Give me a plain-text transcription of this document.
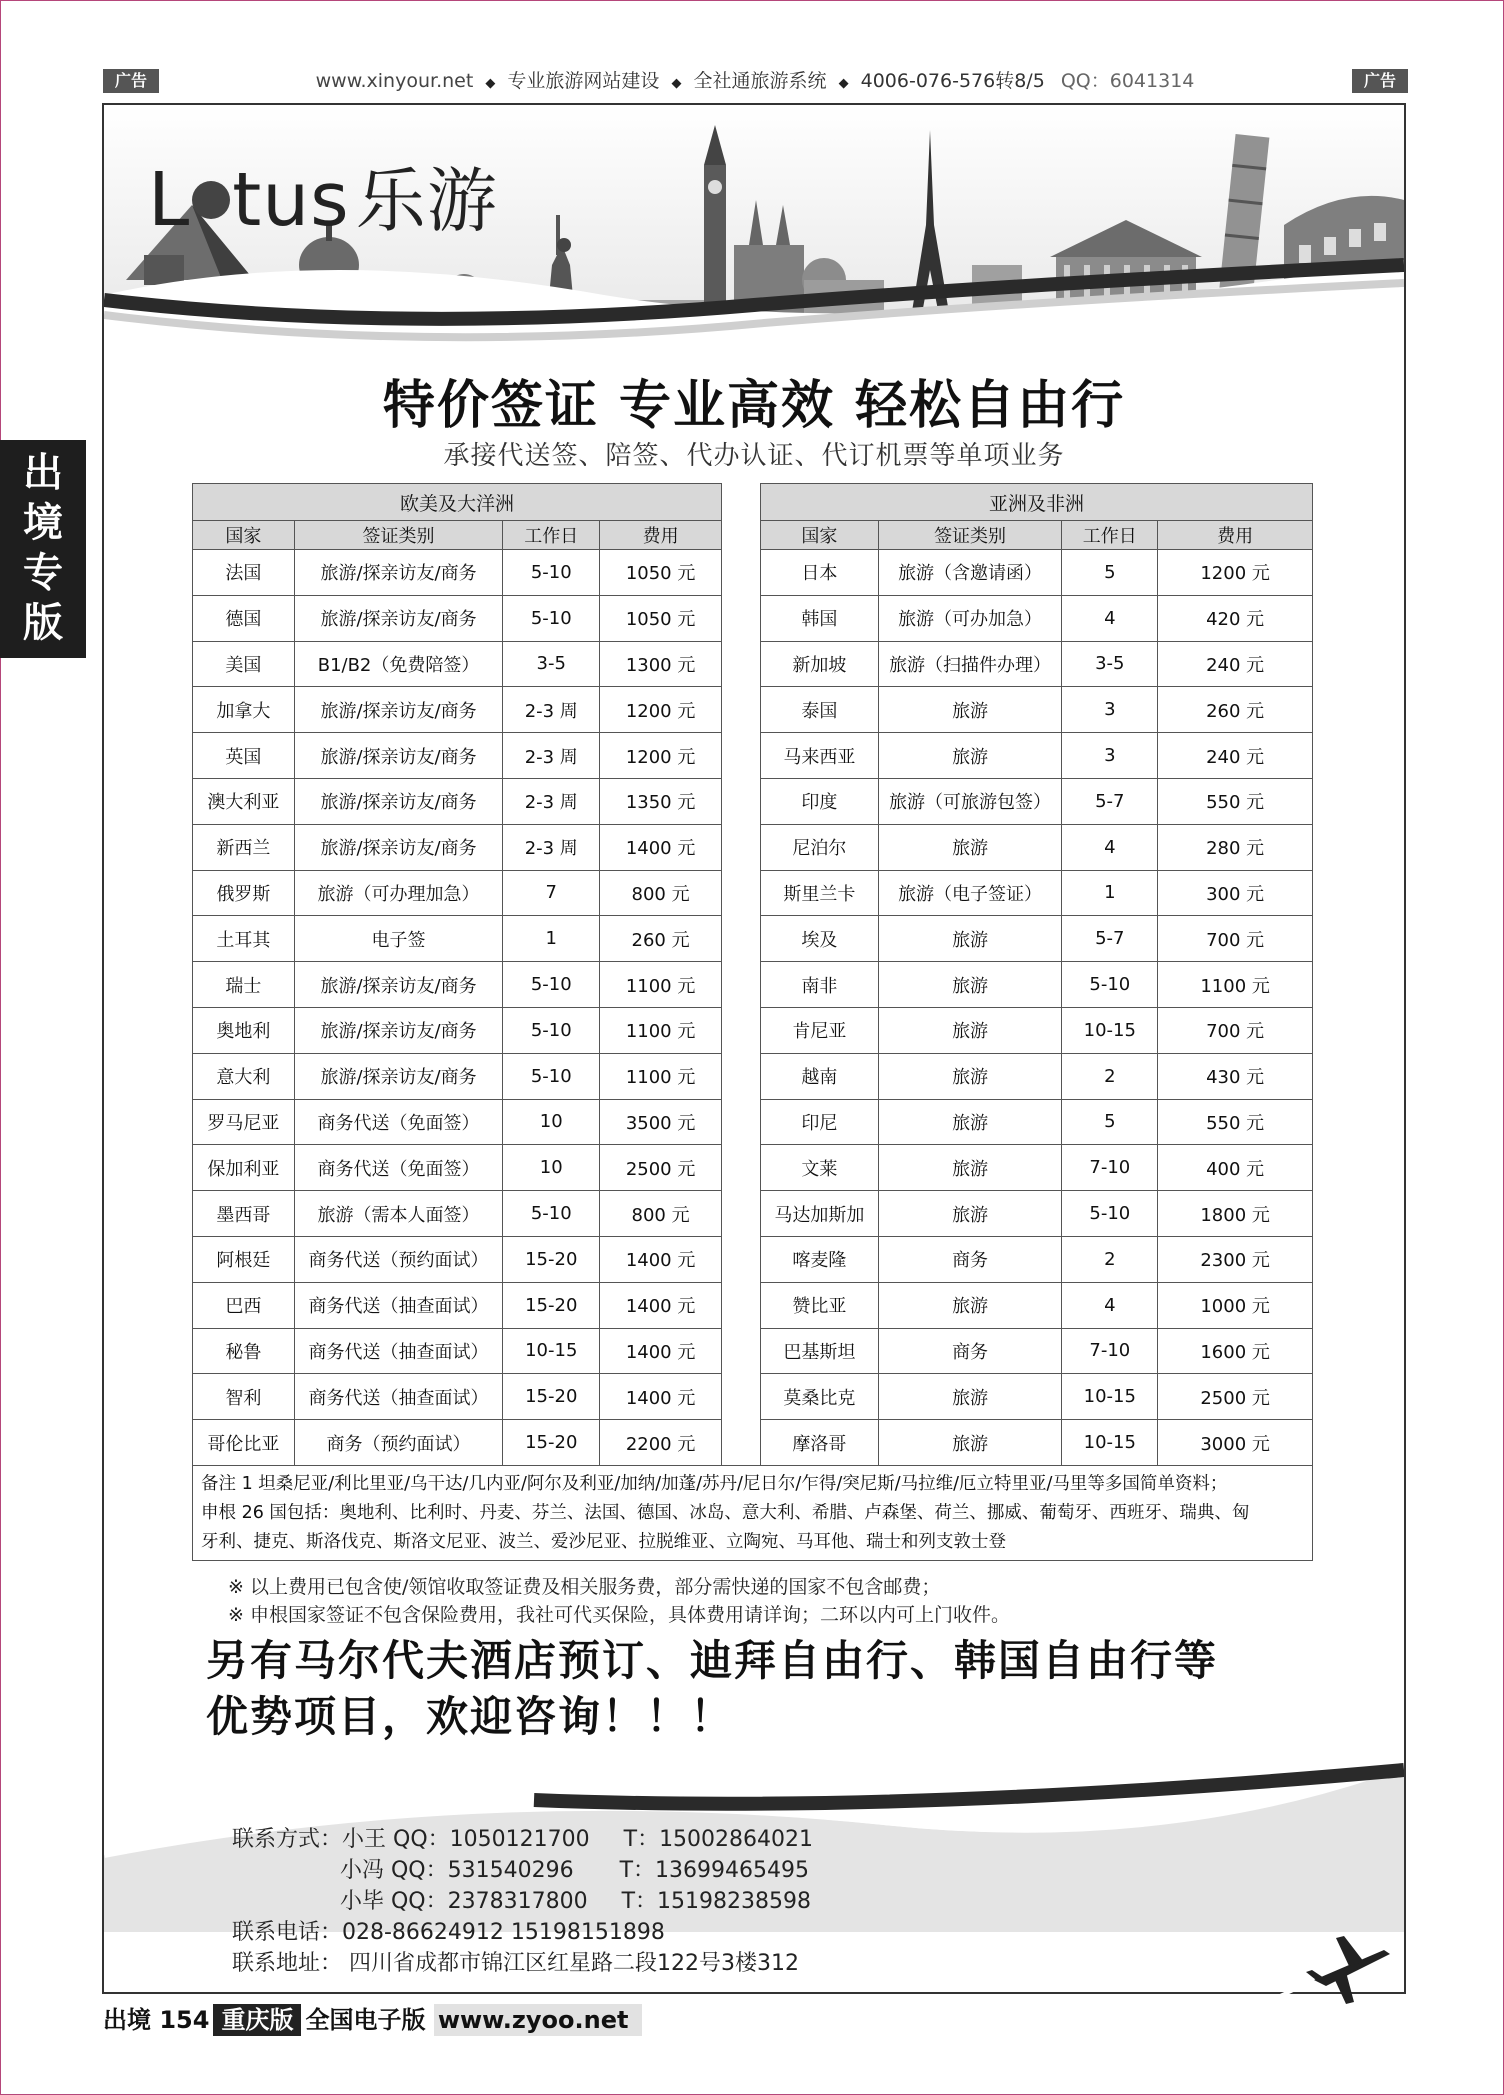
广告	广告
www.xinyour.net ◆ 专业旅游网站建设 ◆ 全社通旅游系统 ◆ 4006-076-576转8/5 QQ：6041314
出
境
专
版
L tus乐游
特价签证 专业高效 轻松自由行
承接代送签、陪签、代办认证、代订机票等单项业务
欧美及大洋洲			
国家	签证类别	工作日	费用
法国	旅游/探亲访友/商务	5-10	1050 元
德国	旅游/探亲访友/商务	5-10	1050 元
美国	B1/B2（免费陪签）	3-5	1300 元
加拿大	旅游/探亲访友/商务	2-3 周	1200 元
英国	旅游/探亲访友/商务	2-3 周	1200 元
澳大利亚	旅游/探亲访友/商务	2-3 周	1350 元
新西兰	旅游/探亲访友/商务	2-3 周	1400 元
俄罗斯	旅游（可办理加急）	7	800 元
土耳其	电子签	1	260 元
瑞士	旅游/探亲访友/商务	5-10	1100 元
奥地利	旅游/探亲访友/商务	5-10	1100 元
意大利	旅游/探亲访友/商务	5-10	1100 元
罗马尼亚	商务代送（免面签）	10	3500 元
保加利亚	商务代送（免面签）	10	2500 元
墨西哥	旅游（需本人面签）	5-10	800 元
阿根廷	商务代送（预约面试）	15-20	1400 元
巴西	商务代送（抽查面试）	15-20	1400 元
秘鲁	商务代送（抽查面试）	10-15	1400 元
智利	商务代送（抽查面试）	15-20	1400 元
哥伦比亚	商务（预约面试）	15-20	2200 元
亚洲及非洲			
国家	签证类别	工作日	费用
日本	旅游（含邀请函）	5	1200 元
韩国	旅游（可办加急）	4	420 元
新加坡	旅游（扫描件办理）	3-5	240 元
泰国	旅游	3	260 元
马来西亚	旅游	3	240 元
印度	旅游（可旅游包签）	5-7	550 元
尼泊尔	旅游	4	280 元
斯里兰卡	旅游（电子签证）	1	300 元
埃及	旅游	5-7	700 元
南非	旅游	5-10	1100 元
肯尼亚	旅游	10-15	700 元
越南	旅游	2	430 元
印尼	旅游	5	550 元
文莱	旅游	7-10	400 元
马达加斯加	旅游	5-10	1800 元
喀麦隆	商务	2	2300 元
赞比亚	旅游	4	1000 元
巴基斯坦	商务	7-10	1600 元
莫桑比克	旅游	10-15	2500 元
摩洛哥	旅游	10-15	3000 元
备注 1 坦桑尼亚/利比里亚/乌干达/几内亚/阿尔及利亚/加纳/加蓬/苏丹/尼日尔/乍得/突尼斯/马拉维/厄立特里亚/马里等多国简单资料；
申根 26 国包括：奥地利、比利时、丹麦、芬兰、法国、德国、冰岛、意大利、希腊、卢森堡、荷兰、挪威、葡萄牙、西班牙、瑞典、匈
牙利、捷克、斯洛伐克、斯洛文尼亚、波兰、爱沙尼亚、拉脱维亚、立陶宛、马耳他、瑞士和列支敦士登
※ 以上费用已包含使/领馆收取签证费及相关服务费，部分需快递的国家不包含邮费；
※ 申根国家签证不包含保险费用，我社可代买保险，具体费用请详询；二环以内可上门收件。
另有马尔代夫酒店预订、迪拜自由行、韩国自由行等
优势项目，欢迎咨询！！！
联系方式：小王 QQ：1050121700 T：15002864021
小冯 QQ：531540296 T：13699465495
小毕 QQ：2378317800 T：15198238598
联系电话：028-86624912 15198151898
联系地址： 四川省成都市锦江区红星路二段122号3楼312
出境 154 重庆版 全国电子版 www.zyoo.net
